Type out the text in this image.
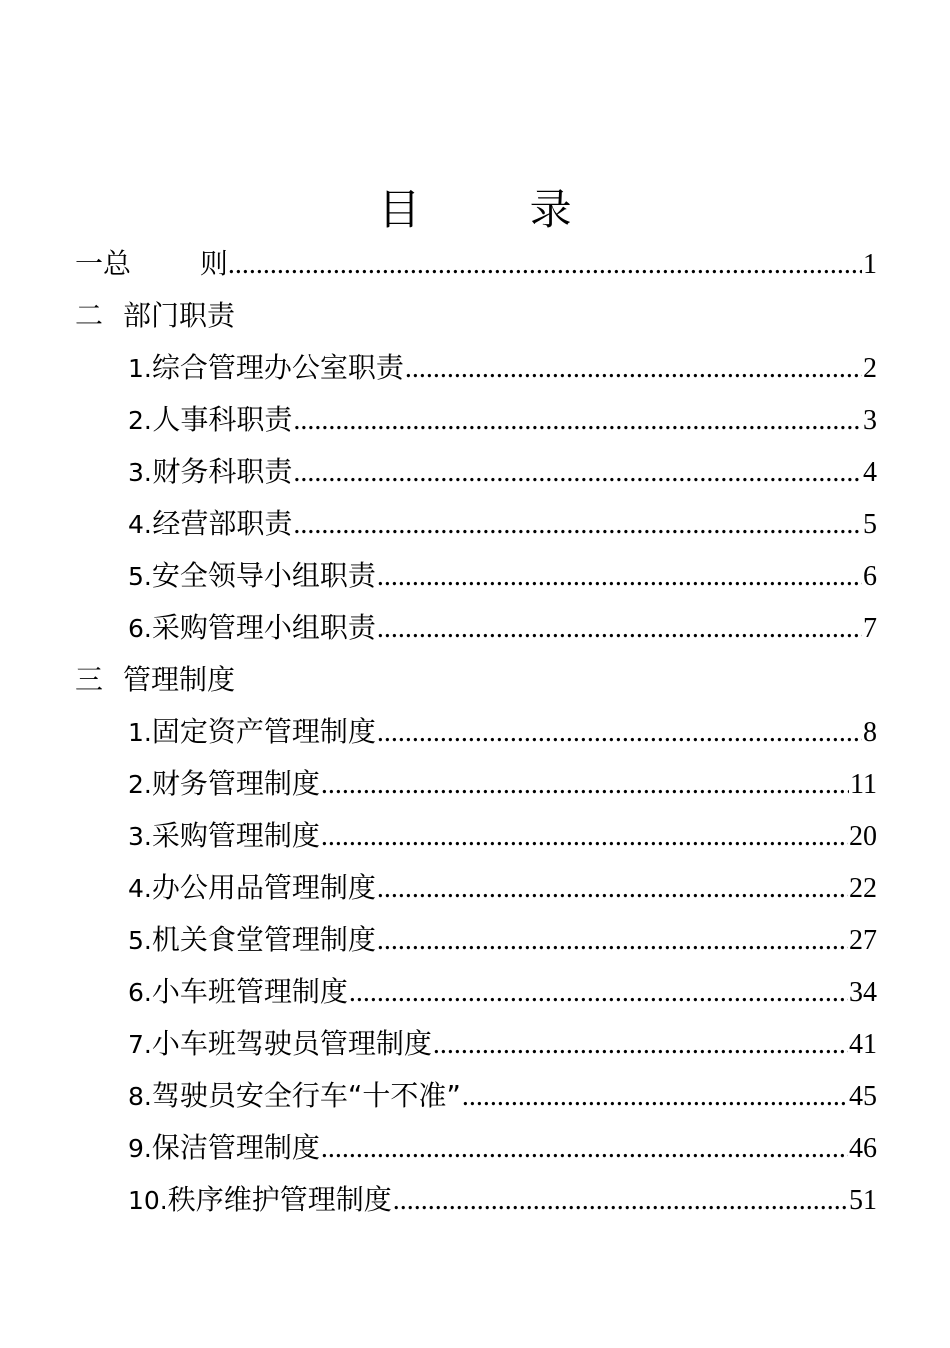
目 录
一 总 则 .....	1
二 部门职责
1. 综合管理办公室职责 .....	2
2. 人事科职责 .....	3
3. 财务科职责 .....	4
4. 经营部职责 .....	5
5. 安全领导小组职责 .....	6
6. 采购管理小组职责 .....	7
三 管理制度
1. 固定资产管理制度 .....	8
2. 财务管理制度 .....	11
3. 采购管理制度 .....	20
4. 办公用品管理制度 .....	22
5. 机关食堂管理制度 .....	27
6. 小车班管理制度 .....	34
7. 小车班驾驶员管理制度 .....	41
8. 驾驶员安全行车“十不准” .....	45
9. 保洁管理制度 .....	46
10. 秩序维护管理制度 .....	51
